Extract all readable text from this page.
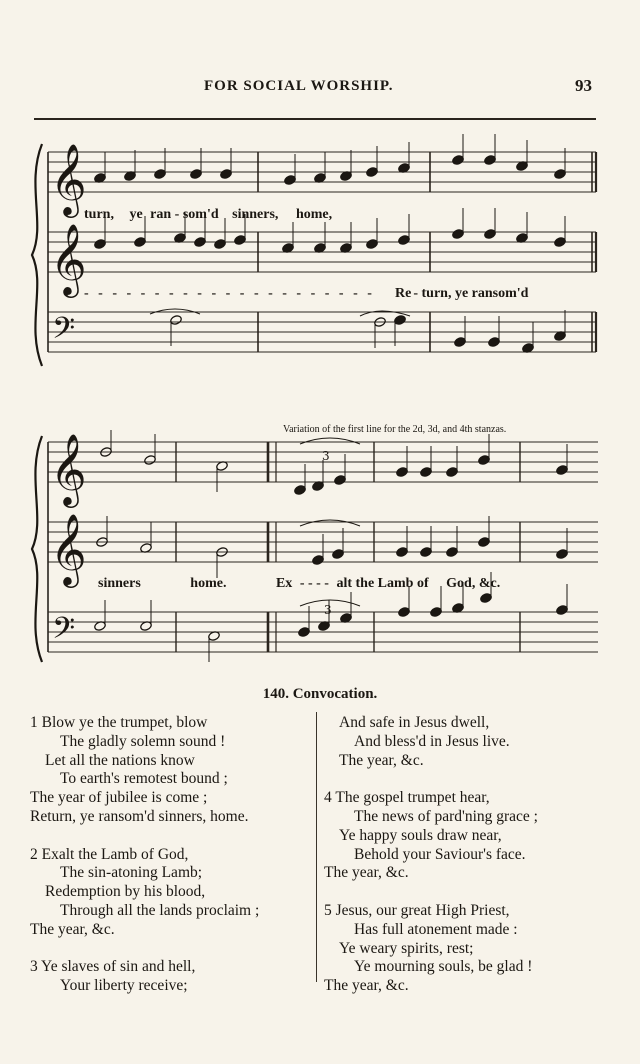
FOR SOCIAL WORSHIP.	93
𝄞
𝄞
𝄢
turn, ye ran - som'd sinners, home,
- - - - - - - - - - - - - - - - - - - - - Re - turn, ye ransom'd
Variation of the first line for the 2d, 3d, and 4th stanzas.
𝄞
𝄞
𝄢
3
3
sinners	home.	Ex - - - - alt the Lamb of God, &c.
140. Convocation.
1 Blow ye the trumpet, blow
The gladly solemn sound !
Let all the nations know
To earth's remotest bound ;
The year of jubilee is come ;
Return, ye ransom'd sinners, home.
2 Exalt the Lamb of God,
The sin-atoning Lamb;
Redemption by his blood,
Through all the lands proclaim ;
The year, &c.
3 Ye slaves of sin and hell,
Your liberty receive;
And safe in Jesus dwell,
And bless'd in Jesus live.
The year, &c.
4 The gospel trumpet hear,
The news of pard'ning grace ;
Ye happy souls draw near,
Behold your Saviour's face.
The year, &c.
5 Jesus, our great High Priest,
Has full atonement made :
Ye weary spirits, rest;
Ye mourning souls, be glad !
The year, &c.
